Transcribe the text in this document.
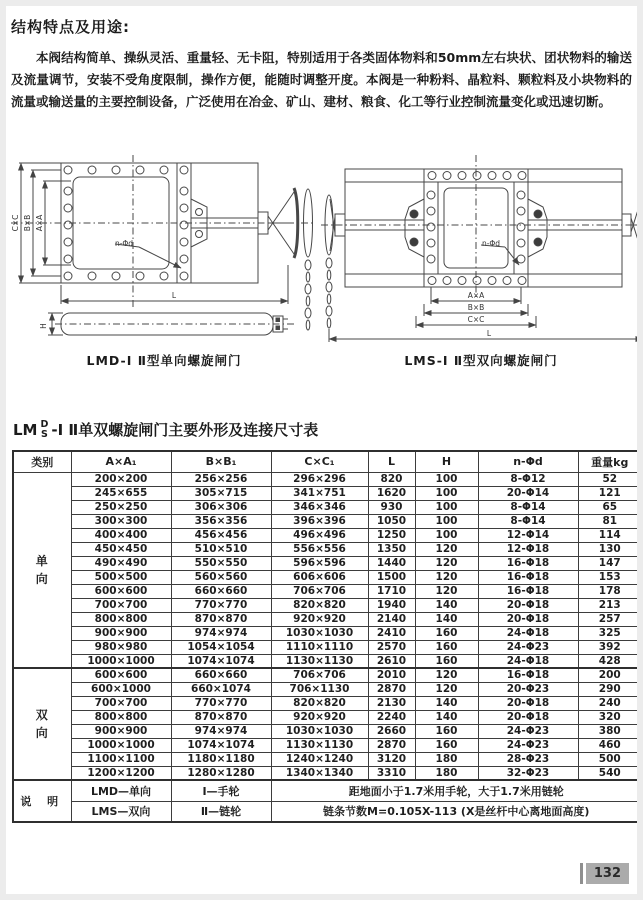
结构特点及用途:
本阀结构简单、操纵灵活、重量轻、无卡阻，特别适用于各类固体物料和50mm左右块状、团状物料的输送及流量调节，安装不受角度限制，操作方便，能随时调整开度。本阀是一种粉料、晶粒料、颗粒料及小块物料的流量或输送量的主要控制设备，广泛使用在冶金、矿山、建材、粮食、化工等行业控制流量变化或迅速切断。
C×C B×B A×A
L
H
n-Φd	n-Φd
A×A
B×B
C×C
L
LMD-Ⅰ Ⅱ型单向螺旋闸门	LMS-Ⅰ Ⅱ型双向螺旋闸门
LM D
S -Ⅰ Ⅱ单双螺旋闸门主要外形及连接尺寸表
类别	A×A₁	B×B₁	C×C₁	L	H	n-Φd	重量kg

单
向	200×200	256×256	296×296	820	100	8-Φ12	52
	245×655	305×715	341×751	1620	100	20-Φ14	121
	250×250	306×306	346×346	930	100	8-Φ14	65
	300×300	356×356	396×396	1050	100	8-Φ14	81
	400×400	456×456	496×496	1250	100	12-Φ14	114
	450×450	510×510	556×556	1350	120	12-Φ18	130
	490×490	550×550	596×596	1440	120	16-Φ18	147
	500×500	560×560	606×606	1500	120	16-Φ18	153
	600×600	660×660	706×706	1710	120	16-Φ18	178
	700×700	770×770	820×820	1940	140	20-Φ18	213
	800×800	870×870	920×920	2140	140	20-Φ18	257
	900×900	974×974	1030×1030	2410	160	24-Φ18	325
	980×980	1054×1054	1110×1110	2570	160	24-Φ23	392
	1000×1000	1074×1074	1130×1130	2610	160	24-Φ18	428

双
向	600×600	660×660	706×706	2010	120	16-Φ18	200
	600×1000	660×1074	706×1130	2870	120	20-Φ23	290
	700×700	770×770	820×820	2130	140	20-Φ18	240
	800×800	870×870	920×920	2240	140	20-Φ18	320
	900×900	974×974	1030×1030	2660	160	24-Φ23	380
	1000×1000	1074×1074	1130×1130	2870	160	24-Φ23	460
	1100×1100	1180×1180	1240×1240	3120	180	28-Φ23	500
	1200×1200	1280×1280	1340×1340	3310	180	32-Φ23	540
说 明	LMD—单向	Ⅰ—手轮	距地面小于1.7米用手轮，大于1.7米用链轮				
	LMS—双向	Ⅱ—链轮	链条节数M=0.105X-113 (X是丝杆中心离地面高度)				
132
